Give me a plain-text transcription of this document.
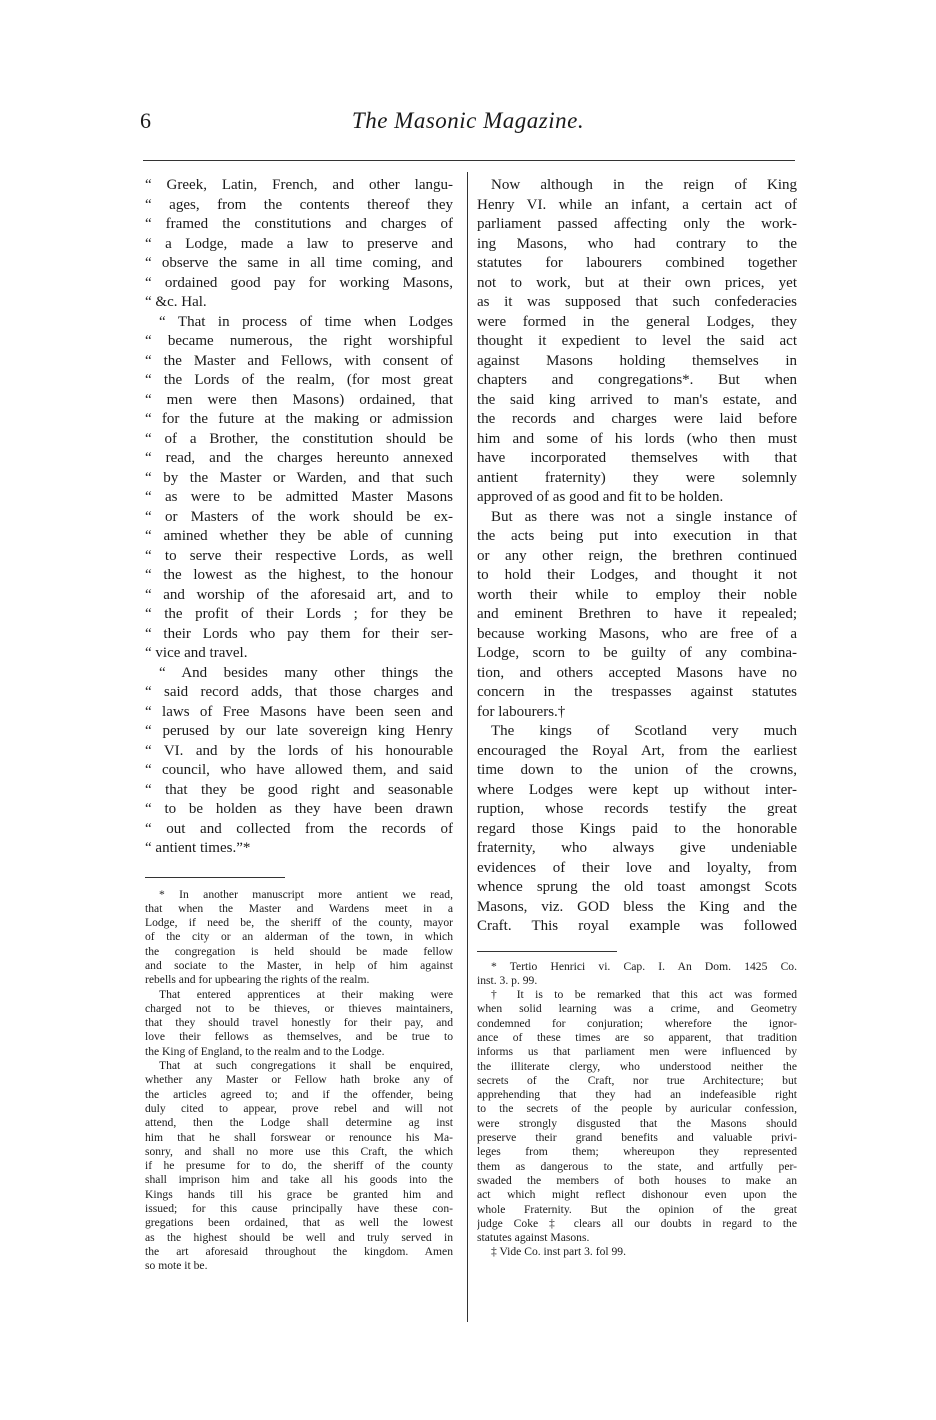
The Masonic Magazine.
6
“ Greek, Latin, French, and other langu-
“ ages, from the contents thereof they
“ framed the constitutions and charges of
“ a Lodge, made a law to preserve and
“ observe the same in all time coming, and
“ ordained good pay for working Masons,
“ &c. Hal.
“ That in process of time when Lodges
“ became numerous, the right worshipful
“ the Master and Fellows, with consent of
“ the Lords of the realm, (for most great
“ men were then Masons) ordained, that
“ for the future at the making or admission
“ of a Brother, the constitution should be
“ read, and the charges hereunto annexed
“ by the Master or Warden, and that such
“ as were to be admitted Master Masons
“ or Masters of the work should be ex-
“ amined whether they be able of cunning
“ to serve their respective Lords, as well
“ the lowest as the highest, to the honour
“ and worship of the aforesaid art, and to
“ the profit of their Lords ; for they be
“ their Lords who pay them for their ser-
“ vice and travel.
“ And besides many other things the
“ said record adds, that those charges and
“ laws of Free Masons have been seen and
“ perused by our late sovereign king Henry
“ VI. and by the lords of his honourable
“ council, who have allowed them, and said
“ that they be good right and seasonable
“ to be holden as they have been drawn
“ out and collected from the records of
“ antient times.”*
* In another manuscript more antient we read,
that when the Master and Wardens meet in a
Lodge, if need be, the sheriff of the county, mayor
of the city or an alderman of the town, in which
the congregation is held should be made fellow
and sociate to the Master, in help of him against
rebells and for upbearing the rights of the realm.
That entered apprentices at their making were
charged not to be thieves, or thieves maintainers,
that they should travel honestly for their pay, and
love their fellows as themselves, and be true to
the King of England, to the realm and to the Lodge.
That at such congregations it shall be enquired,
whether any Master or Fellow hath broke any of
the articles agreed to; and if the offender, being
duly cited to appear, prove rebel and will not
attend, then the Lodge shall determine ag inst
him that he shall forswear or renounce his Ma-
sonry, and shall no more use this Craft, the which
if he presume for to do, the sheriff of the county
shall imprison him and take all his goods into the
Kings hands till his grace be granted him and
issued; for this cause principally have these con-
gregations been ordained, that as well the lowest
as the highest should be well and truly served in
the art aforesaid throughout the kingdom. Amen
so mote it be.
Now although in the reign of King
Henry VI. while an infant, a certain act of
parliament passed affecting only the work-
ing Masons, who had contrary to the
statutes for labourers combined together
not to work, but at their own prices, yet
as it was supposed that such confederacies
were formed in the general Lodges, they
thought it expedient to level the said act
against Masons holding themselves in
chapters and congregations*. But when
the said king arrived to man's estate, and
the records and charges were laid before
him and some of his lords (who then must
have incorporated themselves with that
antient fraternity) they were solemnly
approved of as good and fit to be holden.
But as there was not a single instance of
the acts being put into execution in that
or any other reign, the brethren continued
to hold their Lodges, and thought it not
worth their while to employ their noble
and eminent Brethren to have it repealed;
because working Masons, who are free of a
Lodge, scorn to be guilty of any combina-
tion, and others accepted Masons have no
concern in the trespasses against statutes
for labourers.†
The kings of Scotland very much
encouraged the Royal Art, from the earliest
time down to the union of the crowns,
where Lodges were kept up without inter-
ruption, whose records testify the great
regard those Kings paid to the honorable
fraternity, who always give undeniable
evidences of their love and loyalty, from
whence sprung the old toast amongst Scots
Masons, viz. GOD bless the King and the
Craft. This royal example was followed
* Tertio Henrici vi. Cap. I. An Dom. 1425 Co.
inst. 3. p. 99.
† It is to be remarked that this act was formed
when solid learning was a crime, and Geometry
condemned for conjuration; wherefore the ignor-
ance of these times are so apparent, that tradition
informs us that parliament men were influenced by
the illiterate clergy, who understood neither the
secrets of the Craft, nor true Architecture; but
apprehending that they had an indefeasible right
to the secrets of the people by auricular confession,
were strongly disgusted that the Masons should
preserve their grand benefits and valuable privi-
leges from them; whereupon they represented
them as dangerous to the state, and artfully per-
swaded the members of both houses to make an
act which might reflect dishonour even upon the
whole Fraternity. But the opinion of the great
judge Coke ‡ clears all our doubts in regard to the
statutes against Masons.
‡ Vide Co. inst part 3. fol 99.
